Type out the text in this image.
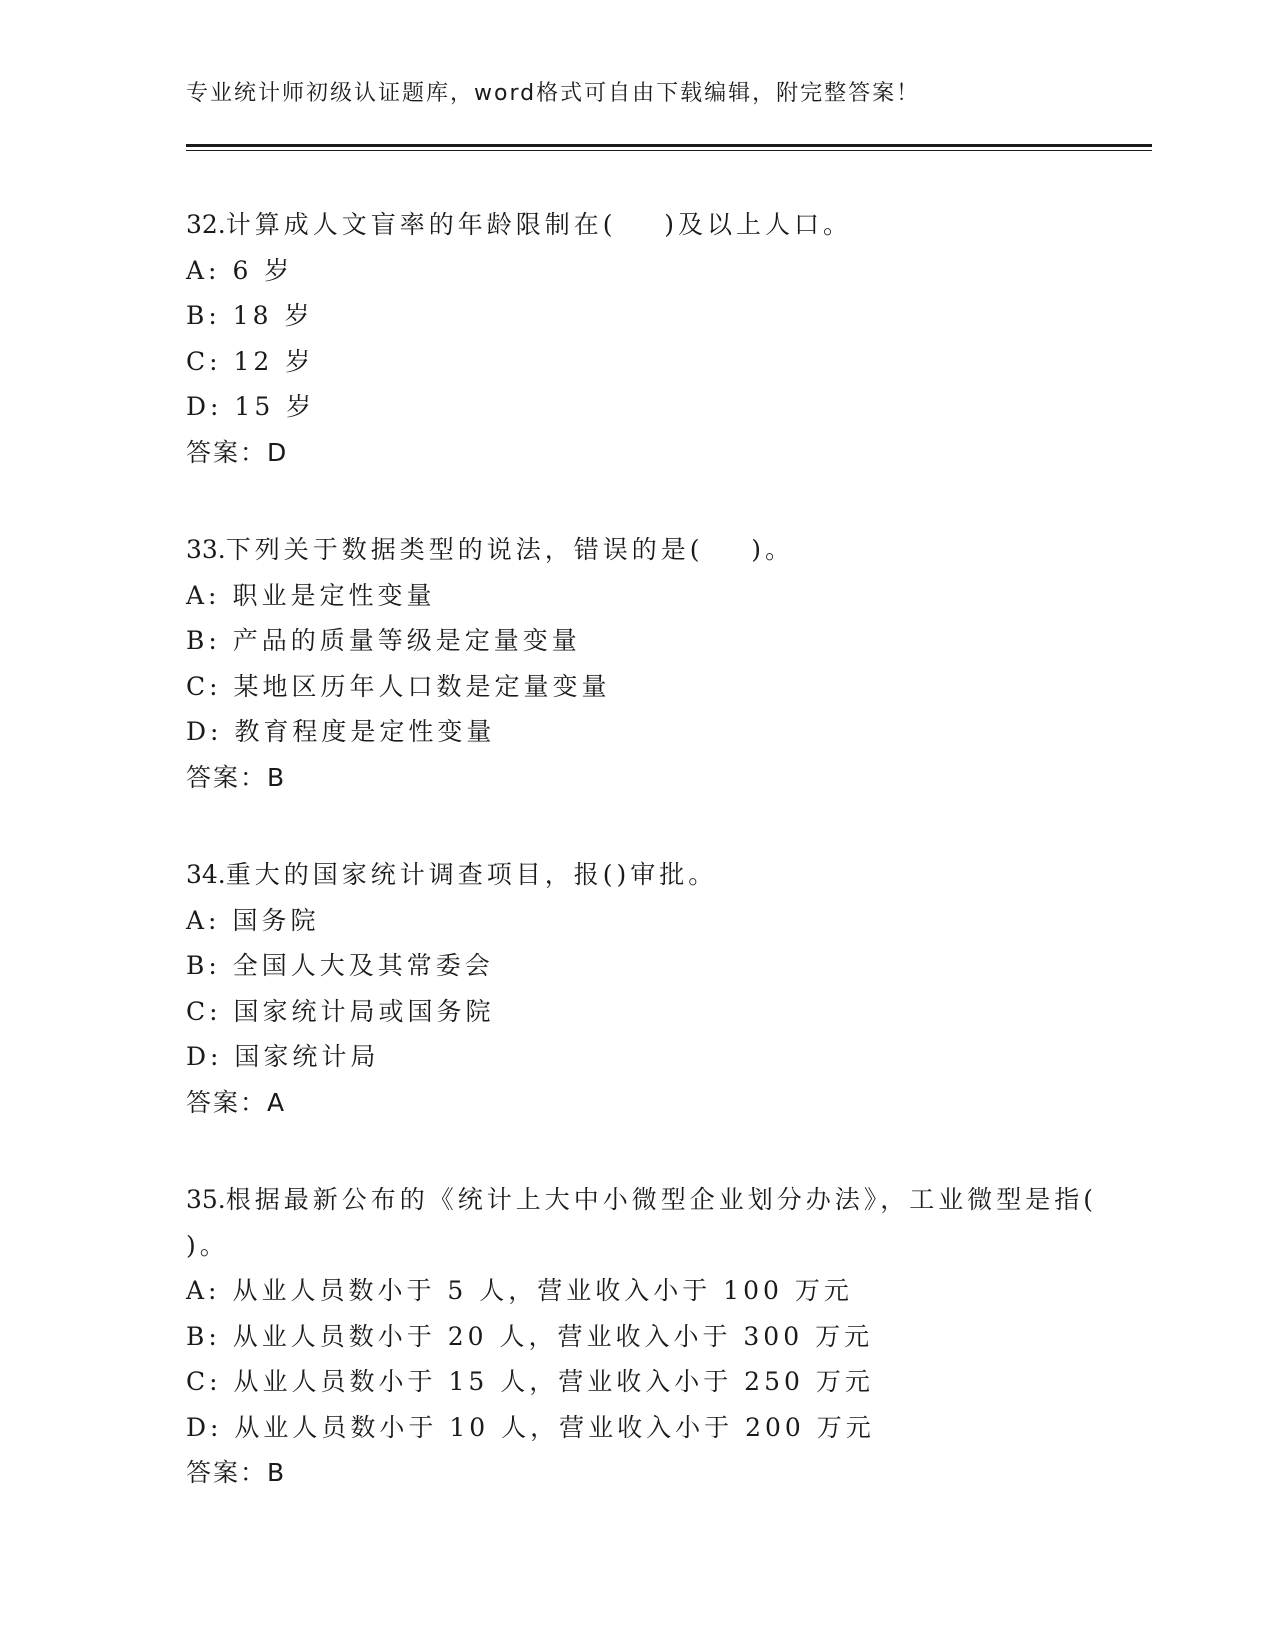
专业统计师初级认证题库，word格式可自由下载编辑，附完整答案！

32.计算成人文盲率的年龄限制在(    )及以上人口。

A: 6 岁

B: 18 岁

C: 12 岁

D: 15 岁

答案：D

33.下列关于数据类型的说法，错误的是(    )。

A: 职业是定性变量

B: 产品的质量等级是定量变量

C: 某地区历年人口数是定量变量

D: 教育程度是定性变量

答案：B

34.重大的国家统计调查项目，报()审批。

A: 国务院

B: 全国人大及其常委会

C: 国家统计局或国务院

D: 国家统计局

答案：A

35.根据最新公布的《统计上大中小微型企业划分办法》，工业微型是指(    )。

A: 从业人员数小于 5 人，营业收入小于 100 万元

B: 从业人员数小于 20 人，营业收入小于 300 万元

C: 从业人员数小于 15 人，营业收入小于 250 万元

D: 从业人员数小于 10 人，营业收入小于 200 万元

答案：B
